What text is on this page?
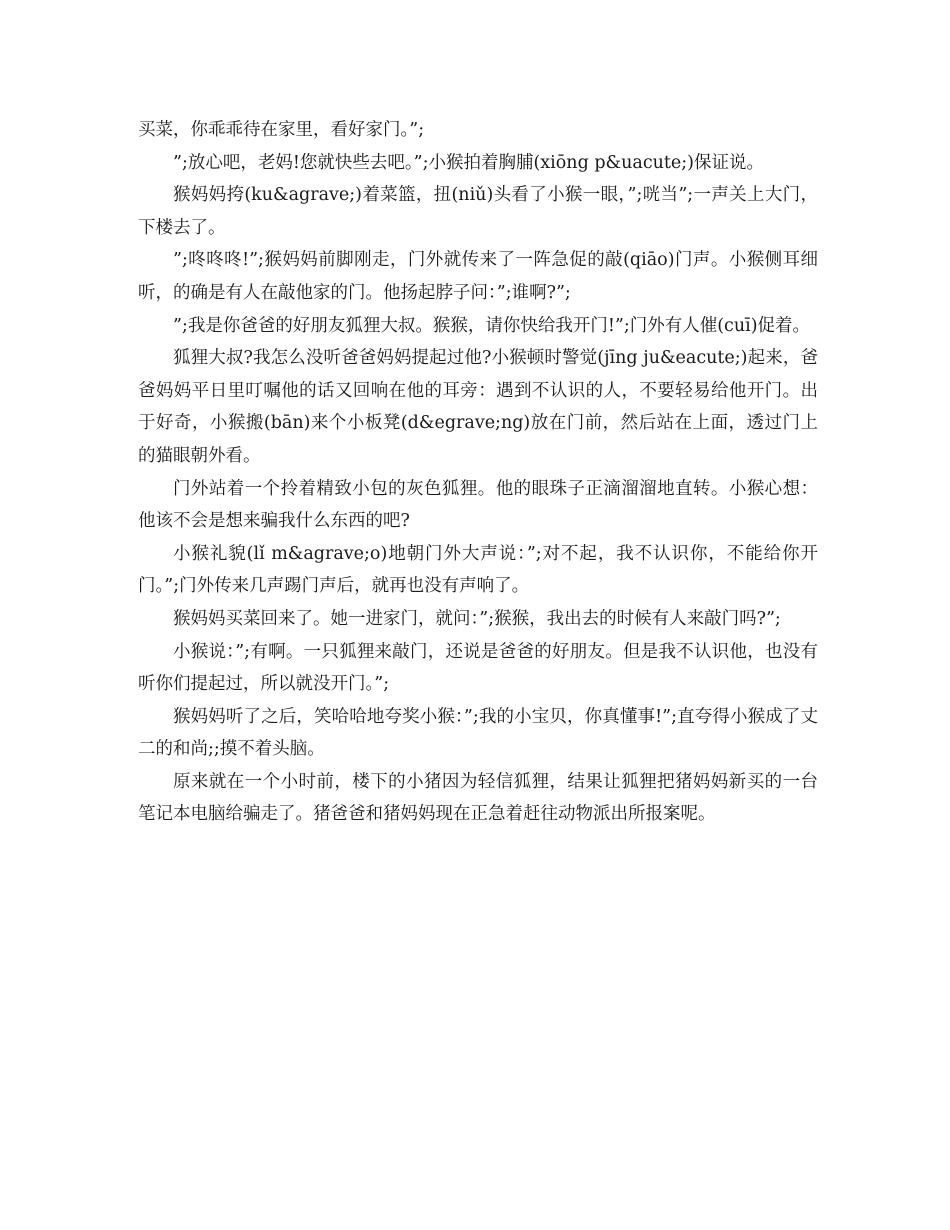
买菜，你乖乖待在家里，看好家门。”;

”;放心吧，老妈!您就快些去吧。”;小猴拍着胸脯(xiōng p&uacute;)保证说。

猴妈妈挎(ku&agrave;)着菜篮，扭(niǔ)头看了小猴一眼，”;咣当”;一声关上大门，下楼去了。

”;咚咚咚!”;猴妈妈前脚刚走，门外就传来了一阵急促的敲(qiāo)门声。小猴侧耳细听，的确是有人在敲他家的门。他扬起脖子问：”;谁啊?”;

”;我是你爸爸的好朋友狐狸大叔。猴猴，请你快给我开门!”;门外有人催(cuī)促着。

狐狸大叔?我怎么没听爸爸妈妈提起过他?小猴顿时警觉(jīng ju&eacute;)起来，爸爸妈妈平日里叮嘱他的话又回响在他的耳旁：遇到不认识的人，不要轻易给他开门。出于好奇，小猴搬(bān)来个小板凳(d&egrave;ng)放在门前，然后站在上面，透过门上的猫眼朝外看。

门外站着一个拎着精致小包的灰色狐狸。他的眼珠子正滴溜溜地直转。小猴心想：他该不会是想来骗我什么东西的吧?

小猴礼貌(lǐ m&agrave;o)地朝门外大声说：”;对不起，我不认识你，不能给你开门。”;门外传来几声踢门声后，就再也没有声响了。

猴妈妈买菜回来了。她一进家门，就问：”;猴猴，我出去的时候有人来敲门吗?”;

小猴说：”;有啊。一只狐狸来敲门，还说是爸爸的好朋友。但是我不认识他，也没有听你们提起过，所以就没开门。”;

猴妈妈听了之后，笑哈哈地夸奖小猴：”;我的小宝贝，你真懂事!”;直夸得小猴成了丈二的和尚;;摸不着头脑。

原来就在一个小时前，楼下的小猪因为轻信狐狸，结果让狐狸把猪妈妈新买的一台笔记本电脑给骗走了。猪爸爸和猪妈妈现在正急着赶往动物派出所报案呢。
